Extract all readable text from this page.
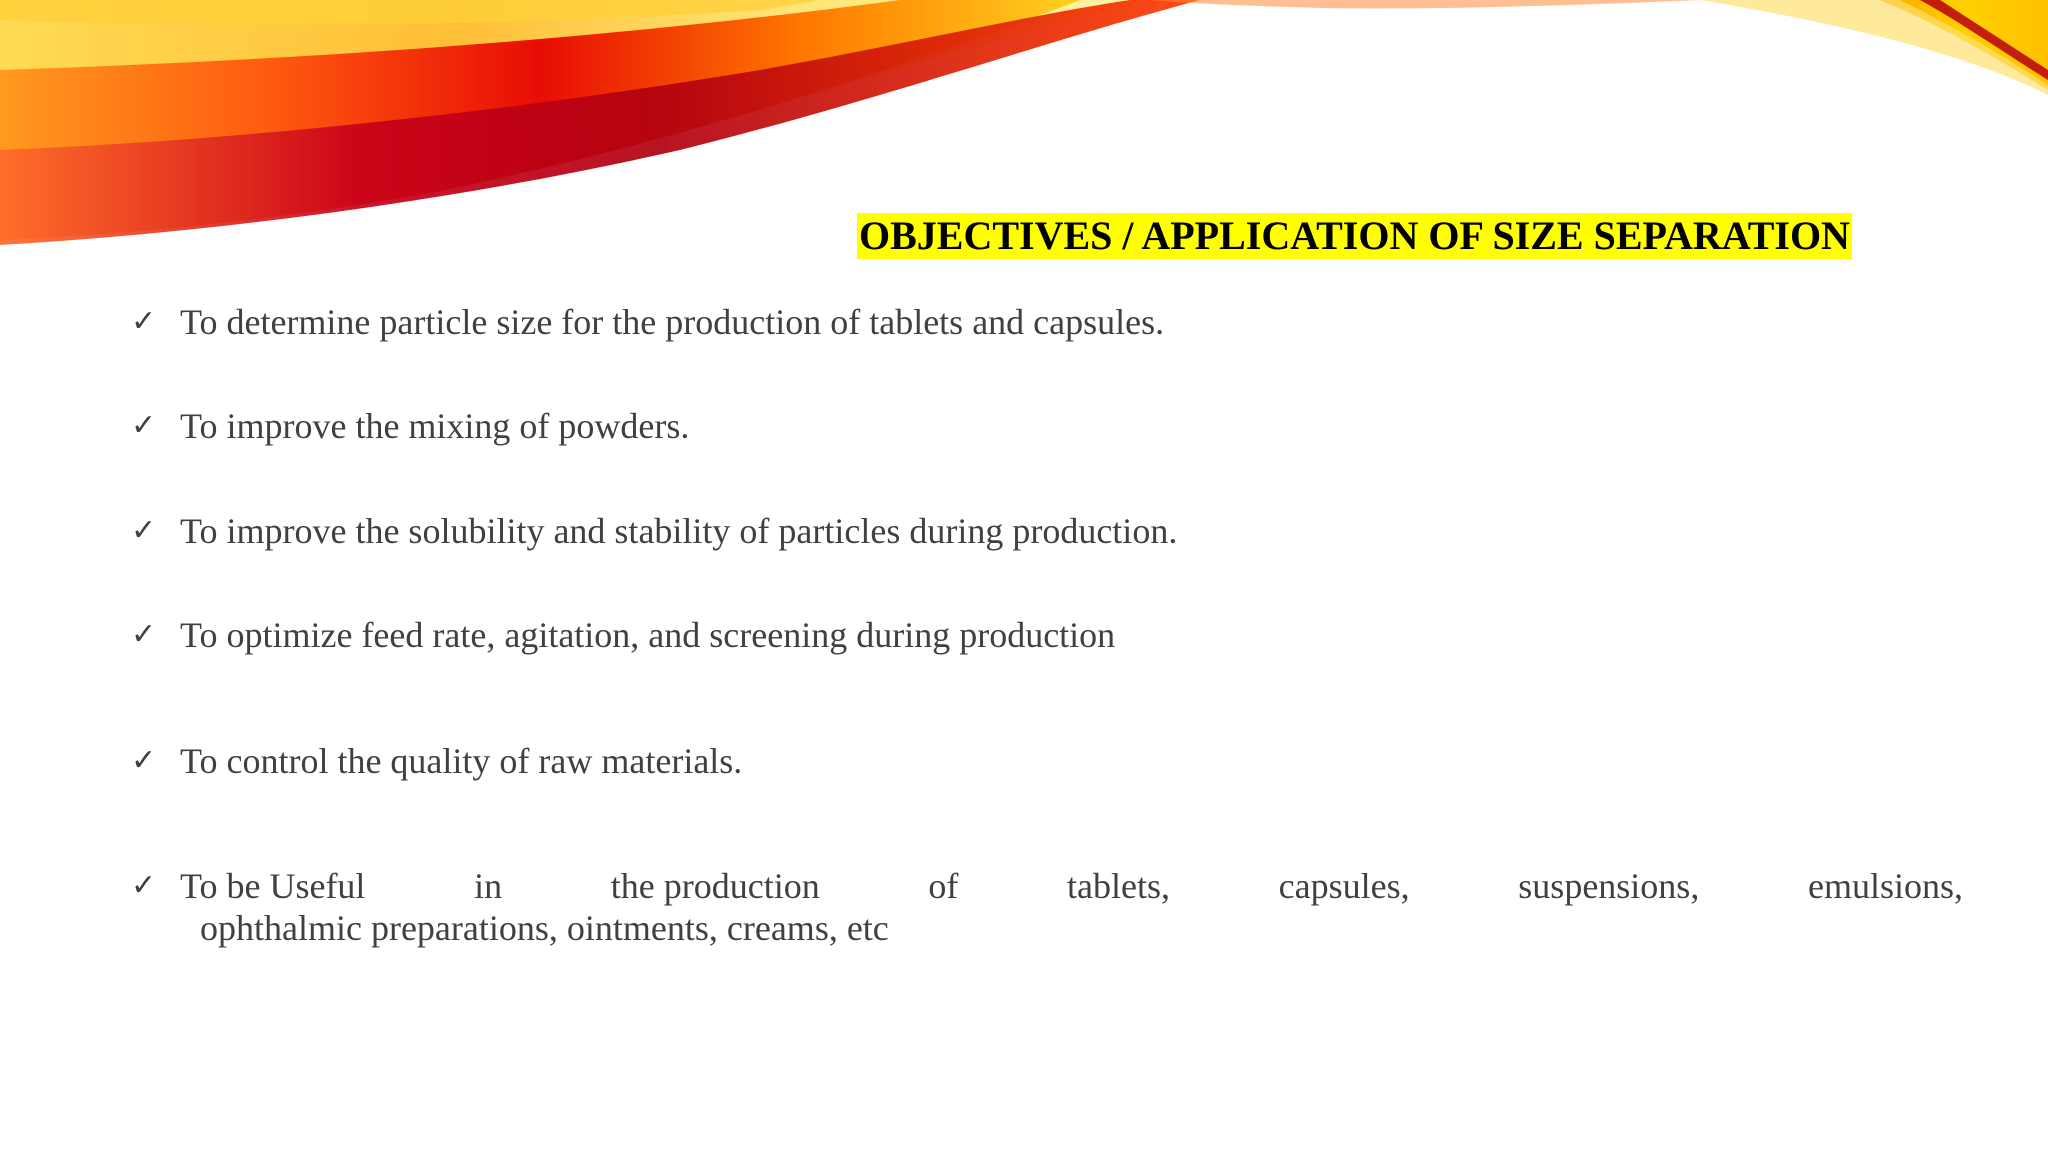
OBJECTIVES / APPLICATION OF SIZE SEPARATION
✓ To determine particle size for the production of tablets and capsules.
✓ To improve the mixing of powders.
✓ To improve the solubility and stability of particles during production.
✓ To optimize feed rate, agitation, and screening during production
✓ To control the quality of raw materials.
✓ To be Useful	in	the production	of	tablets,	capsules,	suspensions,	emulsions,
ophthalmic preparations, ointments, creams, etc
